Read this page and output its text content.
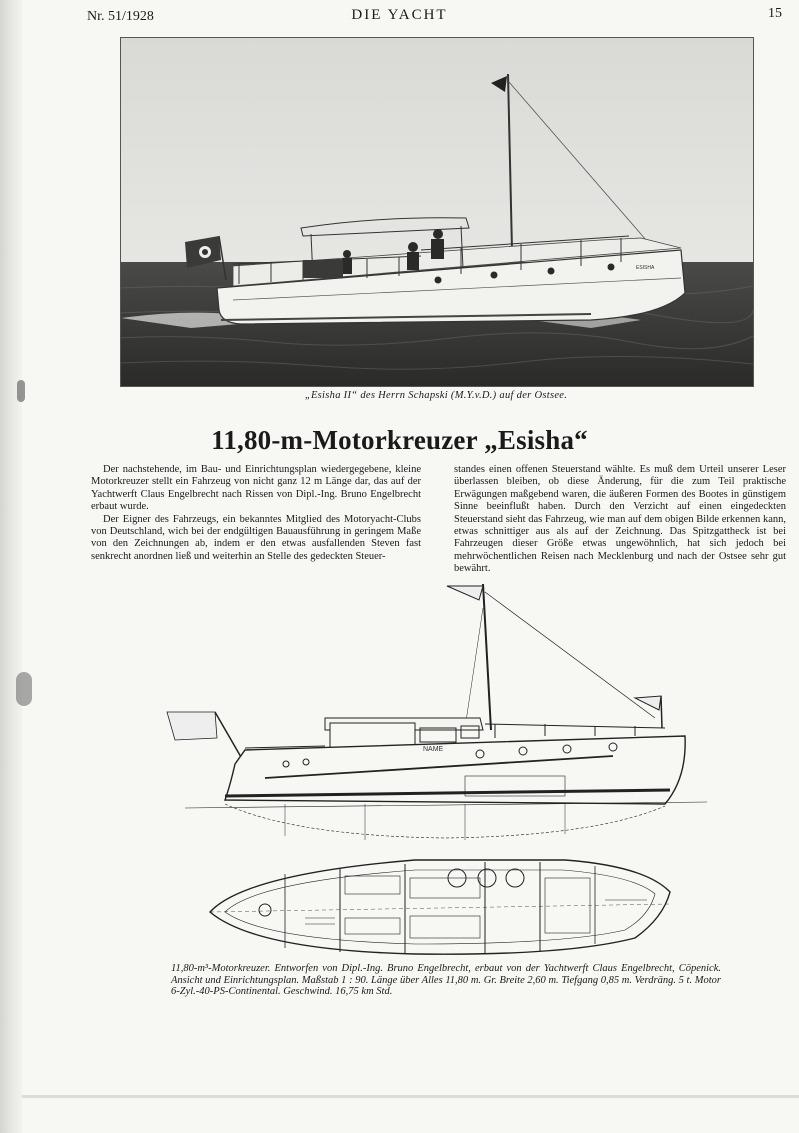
Nr. 51/1928	DIE YACHT	15
ESISHA
„Esisha II“ des Herrn Schapski (M.Y.v.D.) auf der Ostsee.
11,80-m-Motorkreuzer „Esisha“

Der nachstehende, im Bau- und Einrichtungsplan wiedergegebene, kleine Motorkreuzer stellt ein Fahrzeug von nicht ganz 12 m Länge dar, das auf der Yachtwerft Claus Engelbrecht nach Rissen von Dipl.-Ing. Bruno Engelbrecht erbaut wurde.

Der Eigner des Fahrzeugs, ein bekanntes Mitglied des Motoryacht-Clubs von Deutschland, wich bei der endgültigen Bauausführung in geringem Maße von den Zeichnungen ab, indem er den etwas ausfallenden Steven fast senkrecht anordnen ließ und weiterhin an Stelle des gedeckten Steuer-

standes einen offenen Steuerstand wählte. Es muß dem Urteil unserer Leser überlassen bleiben, ob diese Änderung, für die zum Teil praktische Erwägungen maßgebend waren, die äußeren Formen des Bootes in günstigem Sinne beeinflußt haben. Durch den Verzicht auf einen eingedeckten Steuerstand sieht das Fahrzeug, wie man auf dem obigen Bilde erkennen kann, etwas schnittiger aus als auf der Zeichnung. Das Spitzgattheck ist bei Fahrzeugen dieser Größe etwas ungewöhnlich, hat sich jedoch bei mehrwöchentlichen Reisen nach Mecklenburg und nach der Ostsee sehr gut bewährt.

NAME
11,80-m³-Motorkreuzer. Entworfen von Dipl.-Ing. Bruno Engelbrecht, erbaut von der Yachtwerft Claus Engelbrecht, Cöpenick. Ansicht und Einrichtungsplan. Maßstab 1 : 90. Länge über Alles 11,80 m. Gr. Breite 2,60 m. Tiefgang 0,85 m. Verdräng. 5 t. Motor 6-Zyl.-40-PS-Continental. Geschwind. 16,75 km Std.
